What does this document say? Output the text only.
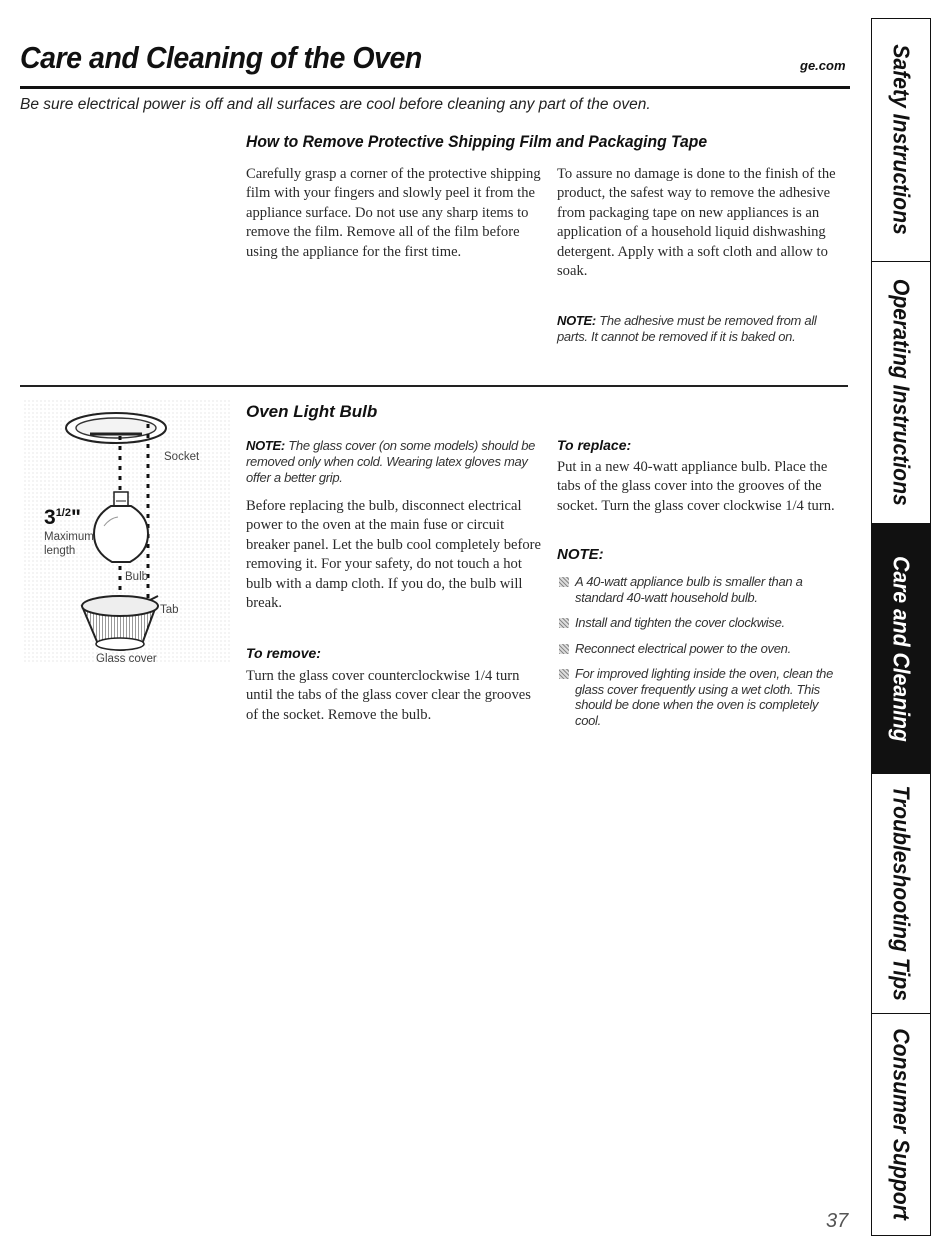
Care and Cleaning of the Oven	ge.com
Be sure electrical power is off and all surfaces are cool before cleaning any part of the oven.
How to Remove Protective Shipping Film and Packaging Tape

Carefully grasp a corner of the protective shipping film with your fingers and slowly peel it from the appliance surface. Do not use any sharp items to remove the film. Remove all of the film before using the appliance for the first time.

To assure no damage is done to the finish of the product, the safest way to remove the adhesive from packaging tape on new appliances is an application of a household liquid dishwashing detergent. Apply with a soft cloth and allow to soak.

NOTE: The adhesive must be removed from all parts. It cannot be removed if it is baked on.

Socket
$3^{1/2}$"
Maximum
length
Bulb
Tab
Glass cover
Oven Light Bulb

NOTE: The glass cover (on some models) should be removed only when cold. Wearing latex gloves may offer a better grip.

Before replacing the bulb, disconnect electrical power to the oven at the main fuse or circuit breaker panel. Let the bulb cool completely before removing it. For your safety, do not touch a hot bulb with a damp cloth. If you do, the bulb will break.

To remove:

Turn the glass cover counterclockwise 1/4 turn until the tabs of the glass cover clear the grooves of the socket. Remove the bulb.

To replace:

Put in a new 40-watt appliance bulb. Place the tabs of the glass cover into the grooves of the socket. Turn the glass cover clockwise 1/4 turn.

NOTE:

A 40-watt appliance bulb is smaller than a standard 40-watt household bulb.
Install and tighten the cover clockwise.
Reconnect electrical power to the oven.
For improved lighting inside the oven, clean the glass cover frequently using a wet cloth. This should be done when the oven is completely cool.
Safety Instructions
Operating Instructions
Care and Cleaning
Troubleshooting Tips
Consumer Support
37
